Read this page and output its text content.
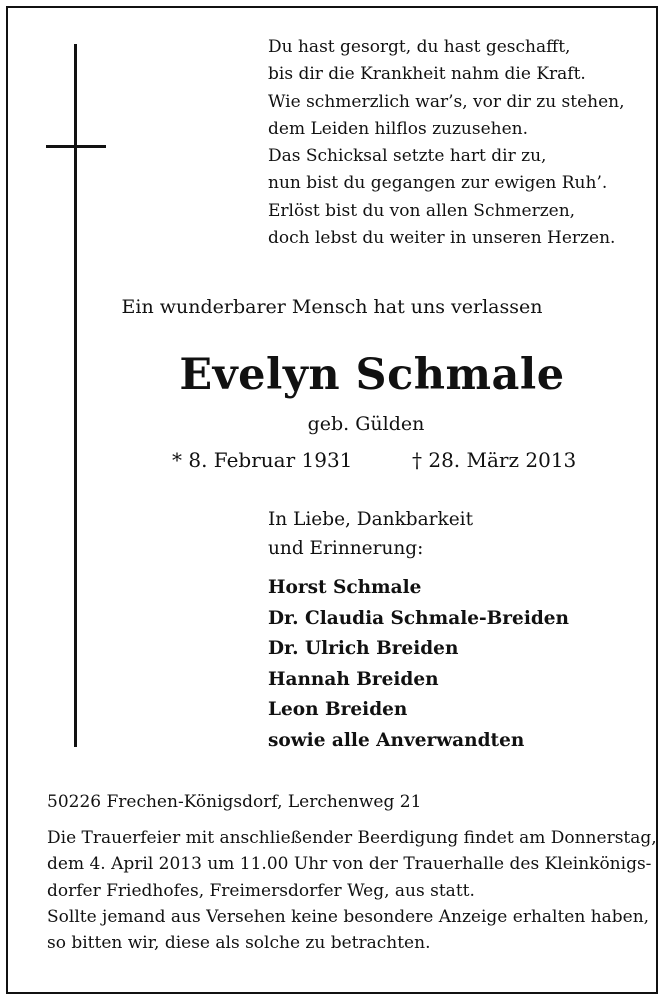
Du hast gesorgt, du hast geschafft,
bis dir die Krankheit nahm die Kraft.
Wie schmerzlich war’s, vor dir zu stehen,
dem Leiden hilflos zuzusehen.
Das Schicksal setzte hart dir zu,
nun bist du gegangen zur ewigen Ruh’.
Erlöst bist du von allen Schmerzen,
doch lebst du weiter in unseren Herzen.
Ein wunderbarer Mensch hat uns verlassen
Evelyn Schmale
geb. Gülden
* 8. Februar 1931	† 28. März 2013
In Liebe, Dankbarkeit
und Erinnerung:
Horst Schmale
Dr. Claudia Schmale-Breiden
Dr. Ulrich Breiden
Hannah Breiden
Leon Breiden
sowie alle Anverwandten
50226 Frechen-Königsdorf, Lerchenweg 21
Die Trauerfeier mit anschließender Beerdigung findet am Donnerstag,
dem 4. April 2013 um 11.00 Uhr von der Trauerhalle des Kleinkönigs-
dorfer Friedhofes, Freimersdorfer Weg, aus statt.
Sollte jemand aus Versehen keine besondere Anzeige erhalten haben,
so bitten wir, diese als solche zu betrachten.
